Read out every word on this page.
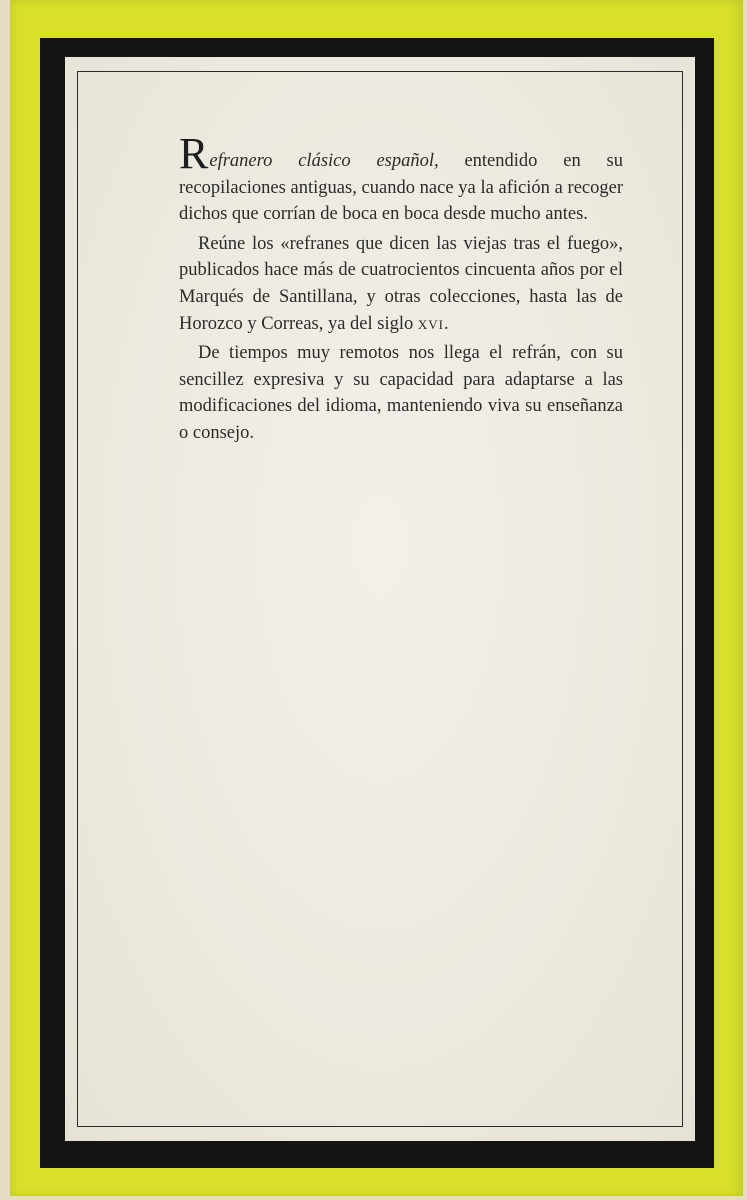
Refranero clásico español, entendido en su recopilaciones antiguas, cuando nace ya la afición a recoger dichos que corrían de boca en boca desde mucho antes.

Reúne los «refranes que dicen las viejas tras el fuego», publicados hace más de cuatrocientos cincuenta años por el Marqués de Santillana, y otras colecciones, hasta las de Horozco y Correas, ya del siglo xvi.

De tiempos muy remotos nos llega el refrán, con su sencillez expresiva y su capacidad para adaptarse a las modificaciones del idioma, manteniendo viva su enseñanza o consejo.
